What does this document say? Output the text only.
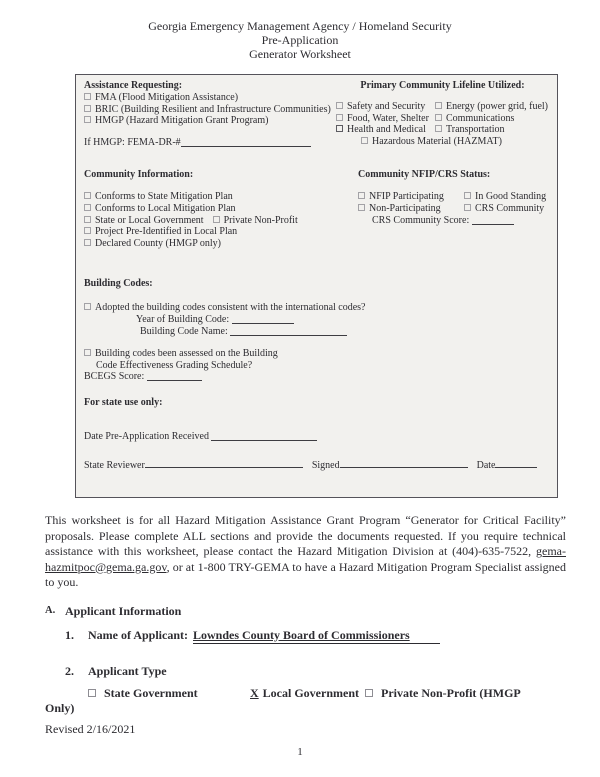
Georgia Emergency Management Agency / Homeland Security
Pre-Application
Generator Worksheet
Assistance Requesting:
FMA (Flood Mitigation Assistance)
BRIC (Building Resilient and Infrastructure Communities)
HMGP (Hazard Mitigation Grant Program)
If HMGP: FEMA-DR-#
Primary Community Lifeline Utilized:
Safety and Security	Energy (power grid, fuel)
Food, Water, Shelter	Communications
Health and Medical	Transportation
Hazardous Material (HAZMAT)
Community Information:
Conforms to State Mitigation Plan
Conforms to Local Mitigation Plan
State or Local Government Private Non-Profit
Project Pre-Identified in Local Plan
Declared County (HMGP only)
Community NFIP/CRS Status:
NFIP Participating	In Good Standing
Non-Participating	CRS Community
CRS Community Score:
Building Codes:
Adopted the building codes consistent with the international codes?
Year of Building Code:
Building Code Name:
Building codes been assessed on the Building
Code Effectiveness Grading Schedule?
BCEGS Score:
For state use only:
Date Pre-Application Received
State Reviewer	Signed	Date

This worksheet is for all Hazard Mitigation Assistance Grant Program “Generator for Critical Facility” proposals. Please complete ALL sections and provide the documents requested. If you require technical assistance with this worksheet, please contact the Hazard Mitigation Division at (404)-635-7522, gema-hazmitpoc@gema.ga.gov, or at 1-800 TRY-GEMA to have a Hazard Mitigation Program Specialist assigned to you.

A. Applicant Information
1.	Name of Applicant: Lowndes County Board of Commissioners
2.	Applicant Type
State Government	X Local Government	Private Non-Profit (HMGP
Only)
Revised 2/16/2021
1
